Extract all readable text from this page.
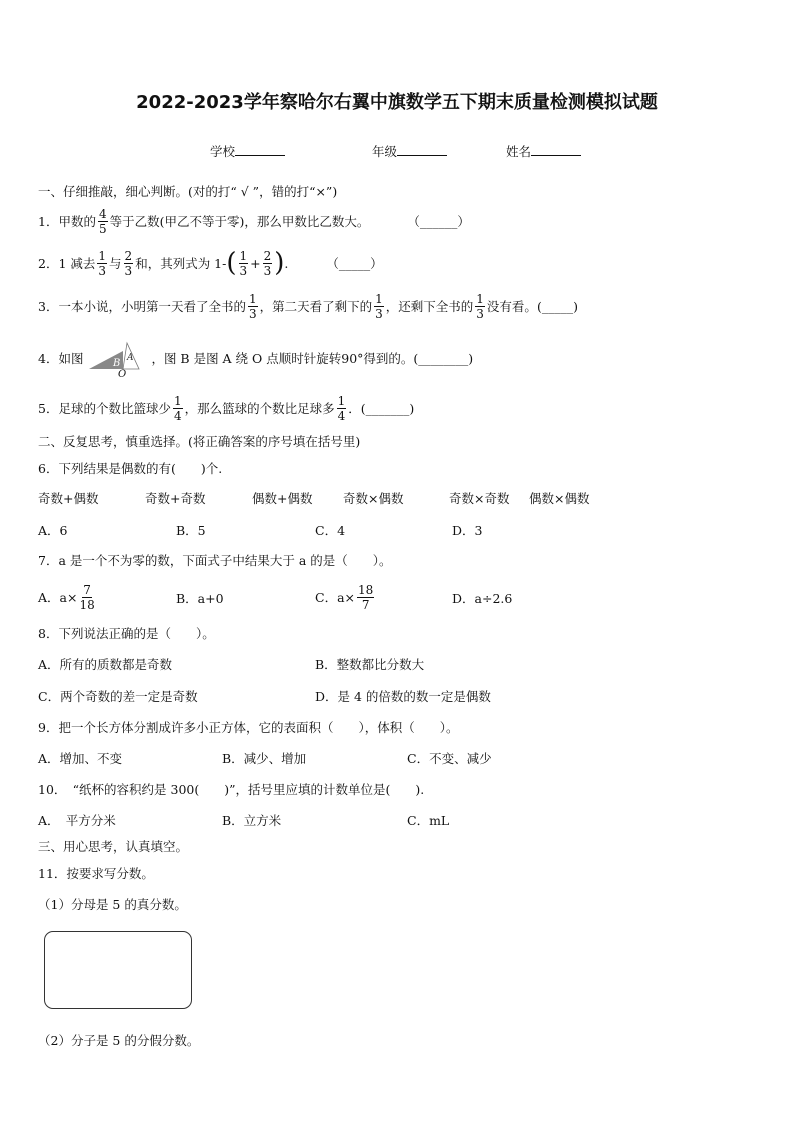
2022-2023学年察哈尔右翼中旗数学五下期末质量检测模拟试题
学校	年级	姓名
一、仔细推敲，细心判断。(对的打“ √ ”，错的打“×”)
1．甲数的 $\frac{4}{5}$ 等于乙数(甲乙不等于零)，那么甲数比乙数大。	（______）
2．1 减去 $\frac{1}{3}$ 与 $\frac{2}{3}$ 和，其列式为 1- ( $\frac{1}{3} + \frac{2}{3}$ ) .	（_____）
3．一本小说，小明第一天看了全书的 $\frac{1}{3}$ ，第二天看了剩下的 $\frac{1}{3}$ ，还剩下全书的 $\frac{1}{3}$ 没有看。 (_____)
4．如图	B A
O
，图 B 是图 A 绕 O 点顺时针旋转90°得到的。 (________)
5．足球的个数比篮球少 $\frac{1}{4}$ ，那么篮球的个数比足球多 $\frac{1}{4}$ ． (_______)
二、反复思考，慎重选择。(将正确答案的序号填在括号里)
6．下列结果是偶数的有(　　)个.
奇数+偶数	奇数+奇数	偶数+偶数 奇数×偶数	奇数×奇数 偶数×偶数
A．6	B．5	C．4	D．3
7．a 是一个不为零的数，下面式子中结果大于 a 的是（　　）。
A．$a\times \frac{7}{18}$	B．a+0	C．$a\times \frac{18}{7}$	D．a÷2.6
8．下列说法正确的是（　　）。
A．所有的质数都是奇数	B．整数都比分数大
C．两个奇数的差一定是奇数	D．是 4 的倍数的数一定是偶数
9．把一个长方体分割成许多小正方体，它的表面积（　　），体积（　　）。
A．增加、不变	B．减少、增加	C．不变、减少
10．　“纸杯的容积约是 300(　　)”，括号里应填的计数单位是(　　).
A．　平方分米	B．立方米	C．mL
三、用心思考，认真填空。
11．按要求写分数。
（1）分母是 5 的真分数。
（2）分子是 5 的分假分数。
